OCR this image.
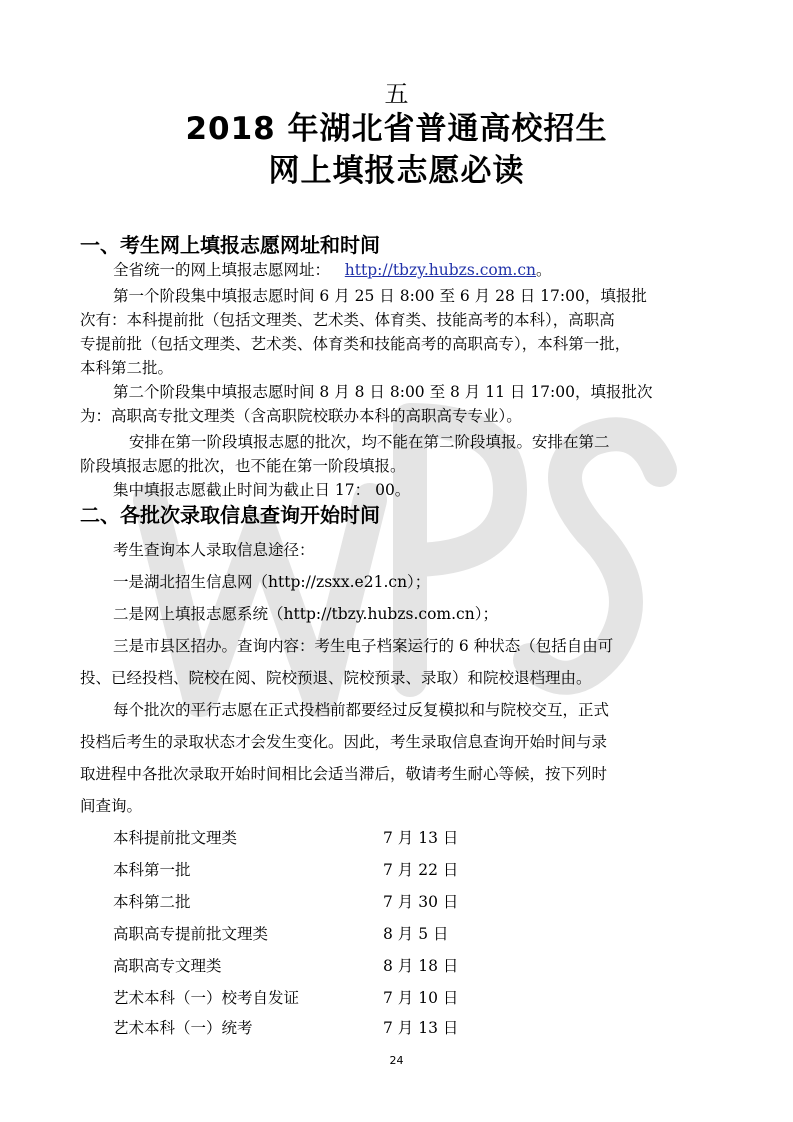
五
2018 年湖北省普通高校招生
网上填报志愿必读
一、考生网上填报志愿网址和时间
全省统一的网上填报志愿网址： http://tbzy.hubzs.com.cn。
第一个阶段集中填报志愿时间 6 月 25 日 8:00 至 6 月 28 日 17:00，填报批
次有：本科提前批（包括文理类、艺术类、体育类、技能高考的本科），高职高
专提前批（包括文理类、艺术类、体育类和技能高考的高职高专），本科第一批，
本科第二批。
第二个阶段集中填报志愿时间 8 月 8 日 8:00 至 8 月 11 日 17:00，填报批次
为：高职高专批文理类（含高职院校联办本科的高职高专专业）。
安排在第一阶段填报志愿的批次，均不能在第二阶段填报。安排在第二
阶段填报志愿的批次，也不能在第一阶段填报。
集中填报志愿截止时间为截止日 17： 00。
二、各批次录取信息查询开始时间
考生查询本人录取信息途径：
一是湖北招生信息网（http://zsxx.e21.cn）；
二是网上填报志愿系统（http://tbzy.hubzs.com.cn）；
三是市县区招办。查询内容：考生电子档案运行的 6 种状态（包括自由可
投、已经投档、院校在阅、院校预退、院校预录、录取）和院校退档理由。
每个批次的平行志愿在正式投档前都要经过反复模拟和与院校交互，正式
投档后考生的录取状态才会发生变化。因此，考生录取信息查询开始时间与录
取进程中各批次录取开始时间相比会适当滞后，敬请考生耐心等候，按下列时
间查询。
本科提前批文理类	7 月 13 日
本科第一批	7 月 22 日
本科第二批	7 月 30 日
高职高专提前批文理类	8 月 5 日
高职高专文理类	8 月 18 日
艺术本科（一）校考自发证	7 月 10 日
艺术本科（一）统考	7 月 13 日
24
